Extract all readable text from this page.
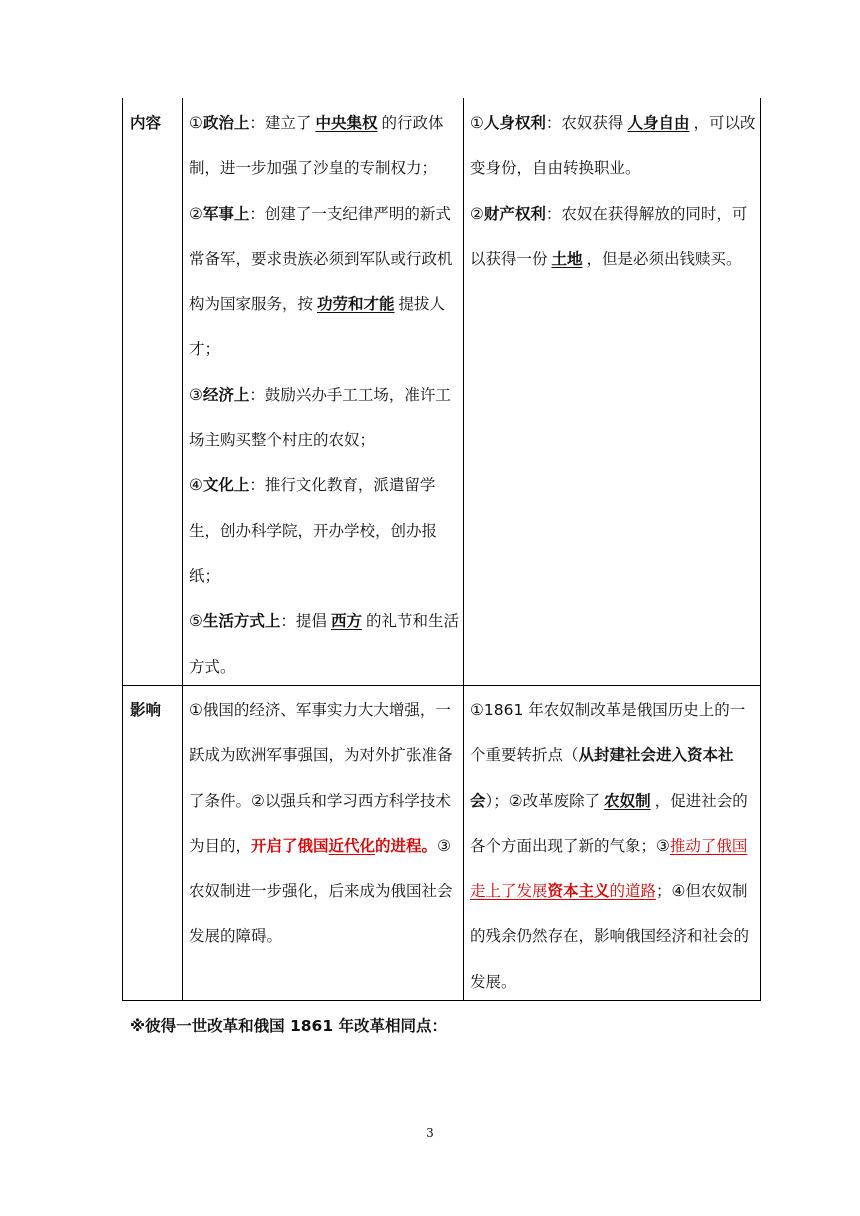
内容	①政治上：建立了 中央集权 的行政体制，进一步加强了沙皇的专制权力；

②军事上：创建了一支纪律严明的新式常备军，要求贵族必须到军队或行政机构为国家服务，按 功劳和才能 提拔人才；

③经济上：鼓励兴办手工工场，准许工场主购买整个村庄的农奴；

④文化上：推行文化教育，派遣留学生，创办科学院，开办学校，创办报纸；

⑤生活方式上：提倡 西方 的礼节和生活方式。

①人身权利：农奴获得 人身自由 ，可以改变身份，自由转换职业。

②财产权利：农奴在获得解放的同时，可以获得一份 土地 ，但是必须出钱赎买。

影响	①俄国的经济、军事实力大大增强，一跃成为欧洲军事强国，为对外扩张准备了条件。②以强兵和学习西方科学技术为目的，开启了俄国近代化的进程。③农奴制进一步强化，后来成为俄国社会发展的障碍。

①1861 年农奴制改革是俄国历史上的一个重要转折点（从封建社会进入资本社会）；②改革废除了 农奴制 ，促进社会的各个方面出现了新的气象；③推动了俄国走上了发展资本主义的道路；④但农奴制的残余仍然存在，影响俄国经济和社会的发展。

※彼得一世改革和俄国 1861 年改革相同点：
3
